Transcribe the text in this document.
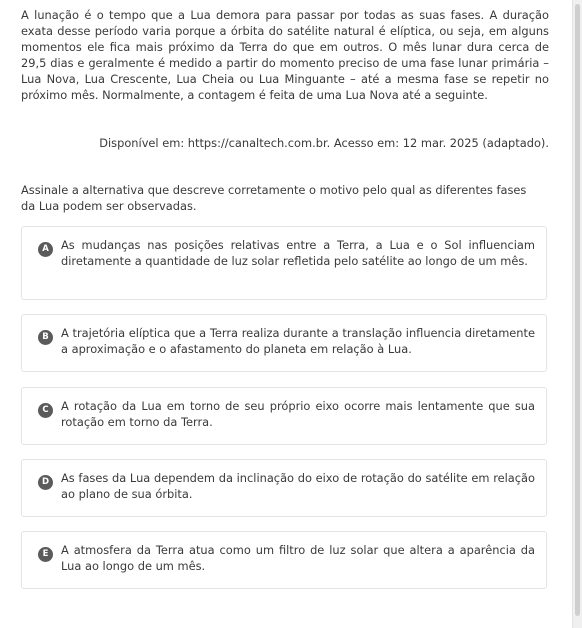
A lunação é o tempo que a Lua demora para passar por todas as suas fases. A duração exata desse período varia porque a órbita do satélite natural é elíptica, ou seja, em alguns momentos ele fica mais próximo da Terra do que em outros. O mês lunar dura cerca de 29,5 dias e geralmente é medido a partir do momento preciso de uma fase lunar primária – Lua Nova, Lua Crescente, Lua Cheia ou Lua Minguante – até a mesma fase se repetir no próximo mês. Normalmente, a contagem é feita de uma Lua Nova até a seguinte.

Disponível em: https://canaltech.com.br. Acesso em: 12 mar. 2025 (adaptado).

Assinale a alternativa que descreve corretamente o motivo pelo qual as diferentes fases da Lua podem ser observadas.

A	As mudanças nas posições relativas entre a Terra, a Lua e o Sol influenciam diretamente a quantidade de luz solar refletida pelo satélite ao longo de um mês.
B	A trajetória elíptica que a Terra realiza durante a translação influencia diretamente a aproximação e o afastamento do planeta em relação à Lua.
C	A rotação da Lua em torno de seu próprio eixo ocorre mais lentamente que sua rotação em torno da Terra.
D	As fases da Lua dependem da inclinação do eixo de rotação do satélite em relação ao plano de sua órbita.
E	A atmosfera da Terra atua como um filtro de luz solar que altera a aparência da Lua ao longo de um mês.
